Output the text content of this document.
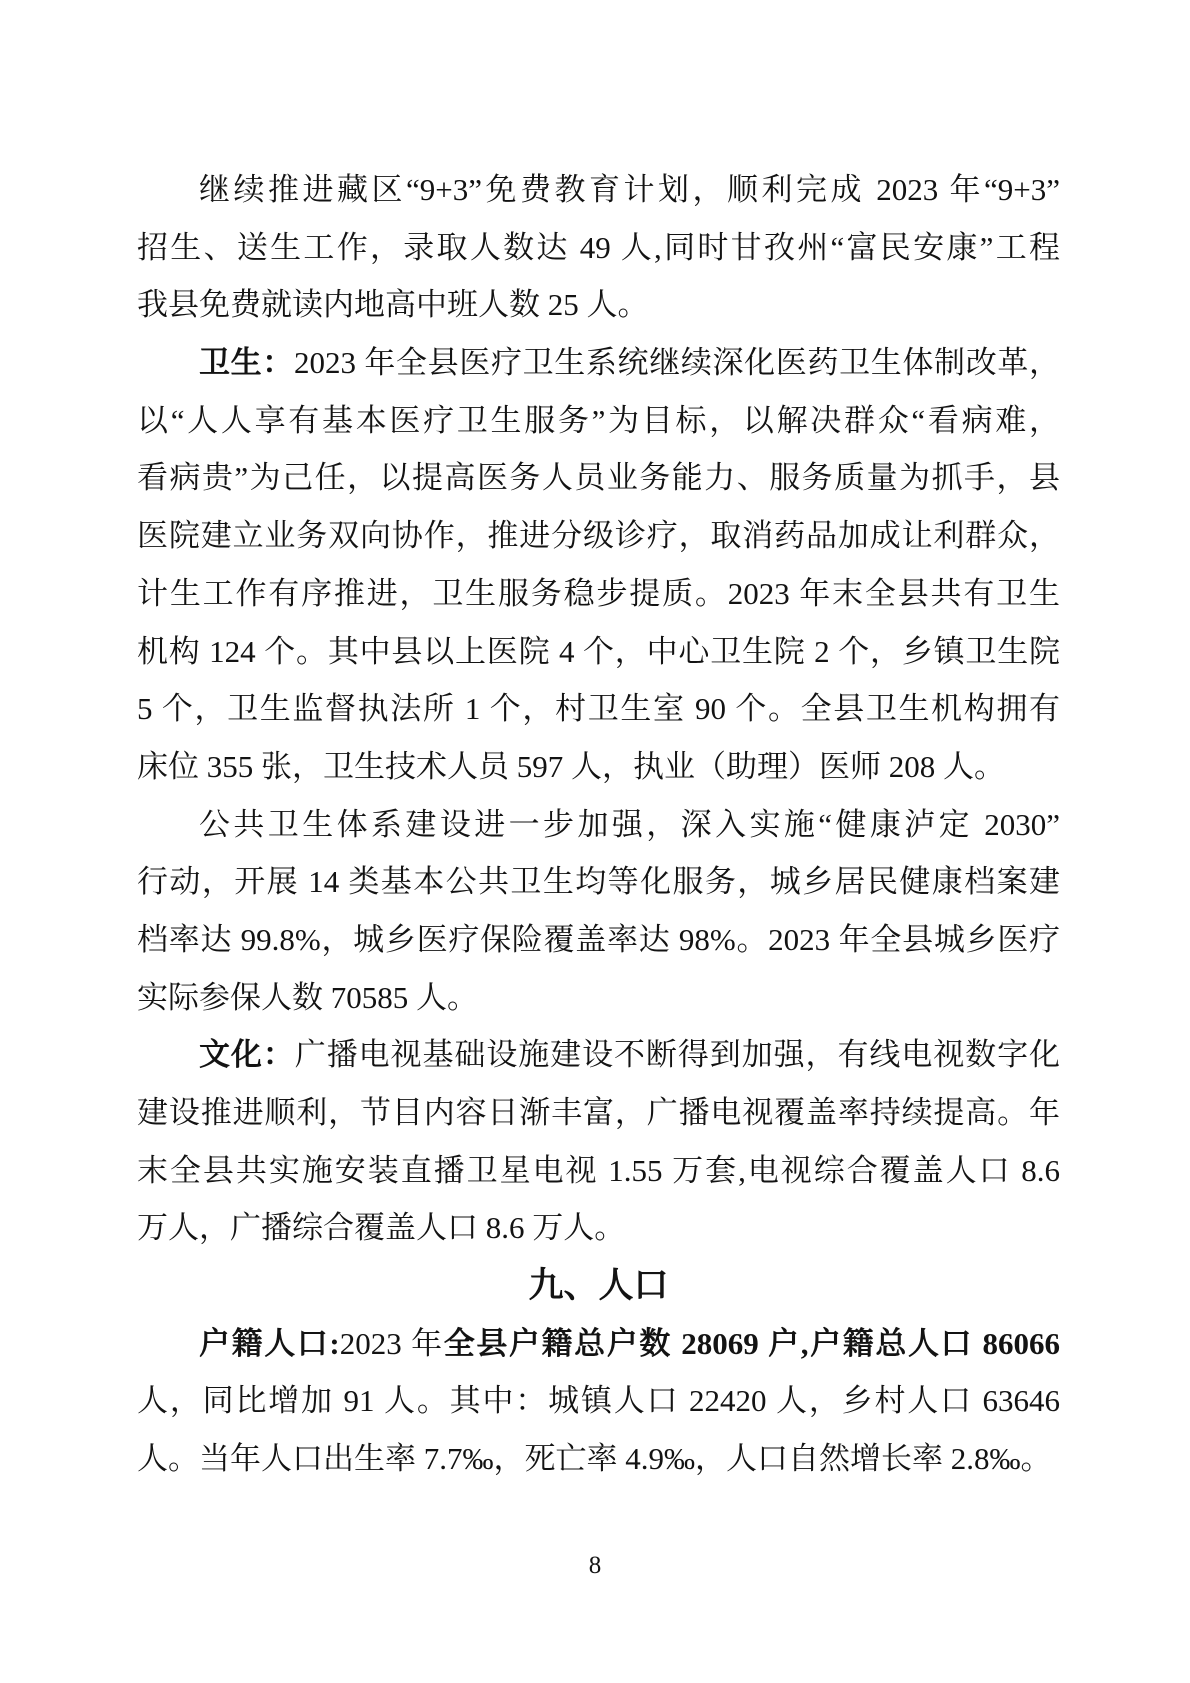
继续推进藏区“9+3”免费教育计划，顺利完成 2023 年“9+3”
招生、送生工作，录取人数达 49 人,同时甘孜州“富民安康”工程
我县免费就读内地高中班人数 25 人。
卫生：2023 年全县医疗卫生系统继续深化医药卫生体制改革，
以“人人享有基本医疗卫生服务”为目标，以解决群众“看病难，
看病贵”为己任，以提高医务人员业务能力、服务质量为抓手，县
医院建立业务双向协作，推进分级诊疗，取消药品加成让利群众，
计生工作有序推进，卫生服务稳步提质。2023 年末全县共有卫生
机构 124 个。其中县以上医院 4 个，中心卫生院 2 个，乡镇卫生院
5 个，卫生监督执法所 1 个，村卫生室 90 个。全县卫生机构拥有
床位 355 张，卫生技术人员 597 人，执业（助理）医师 208 人。
公共卫生体系建设进一步加强，深入实施“健康泸定 2030”
行动，开展 14 类基本公共卫生均等化服务，城乡居民健康档案建
档率达 99.8%，城乡医疗保险覆盖率达 98%。2023 年全县城乡医疗
实际参保人数 70585 人。
文化：广播电视基础设施建设不断得到加强，有线电视数字化
建设推进顺利，节目内容日渐丰富，广播电视覆盖率持续提高。年
末全县共实施安装直播卫星电视 1.55 万套,电视综合覆盖人口 8.6
万人，广播综合覆盖人口 8.6 万人。
九、人口
户籍人口:2023 年全县户籍总户数 28069 户,户籍总人口 86066
人，同比增加 91 人。其中：城镇人口 22420 人，乡村人口 63646
人。当年人口出生率 7.7‰，死亡率 4.9‰，人口自然增长率 2.8‰。
8
